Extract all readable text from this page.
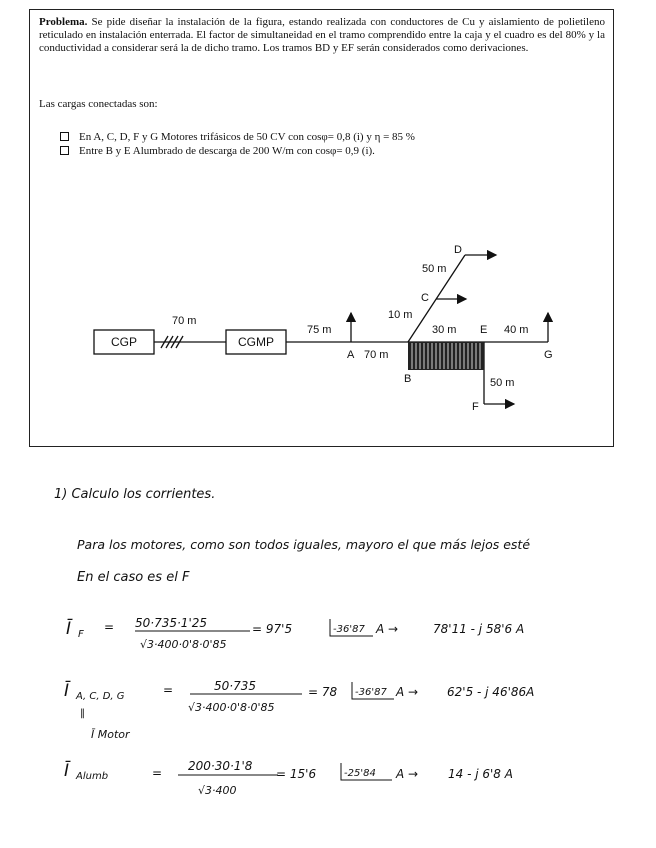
Problema. Se pide diseñar la instalación de la figura, estando realizada con conductores de Cu y aislamiento de polietileno reticulado en instalación enterrada. El factor de simultaneidad en el tramo comprendido entre la caja y el cuadro es del 80% y la conductividad a considerar será la de dicho tramo. Los tramos BD y EF serán considerados como derivaciones.

Las cargas conectadas son:

En A, C, D, F y G Motores trifásicos de 50 CV con cosφ= 0,8 (i) y η = 85 %
Entre B y E Alumbrado de descarga de 200 W/m con cosφ= 0,9 (i).
CGP	CGMP
70 m
75 m
A 70 m
B
10 m
C
50 m
D
30 m E 40 m
G
50 m
F
Ī F
= 50·735·1'25
√3·400·0'8·0'85
= 97'5	-36'87 A →	78'11 - j 58'6 A
Ī A, C, D, G	=	50·735
√3·400·0'8·0'85
= 78 -36'87 A → 62'5 - j 46'86A
‖
Ī Motor
Ī Alumb	= 200·30·1'8
√3·400
= 15'6	-25'84 A → 14 - j 6'8 A

1) Calculo los corrientes.

Para los motores, como son todos iguales, mayoro el que más lejos esté

En el caso es el F
